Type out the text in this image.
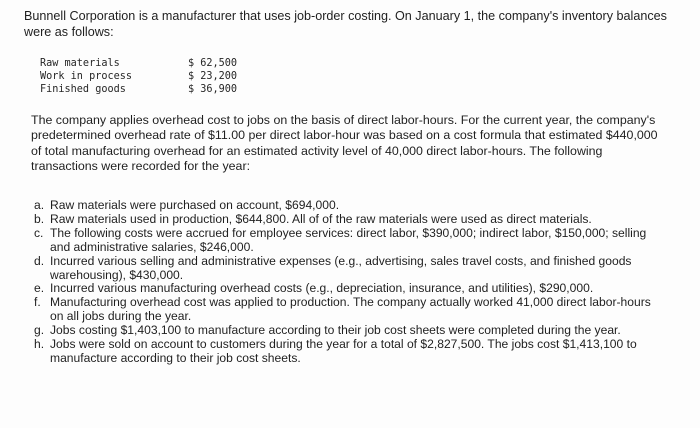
Bunnell Corporation is a manufacturer that uses job-order costing. On January 1, the company's inventory balances were as follows:

Raw materials	$ 62,500
Work in process	$ 23,200
Finished goods	$ 36,900

The company applies overhead cost to jobs on the basis of direct labor-hours. For the current year, the company's predetermined overhead rate of $11.00 per direct labor-hour was based on a cost formula that estimated $440,000 of total manufacturing overhead for an estimated activity level of 40,000 direct labor-hours. The following transactions were recorded for the year:

a. Raw materials were purchased on account, $694,000.
b. Raw materials used in production, $644,800. All of of the raw materials were used as direct materials.
c. The following costs were accrued for employee services: direct labor, $390,000; indirect labor, $150,000; selling and administrative salaries, $246,000.
d. Incurred various selling and administrative expenses (e.g., advertising, sales travel costs, and finished goods warehousing), $430,000.
e. Incurred various manufacturing overhead costs (e.g., depreciation, insurance, and utilities), $290,000.
f. Manufacturing overhead cost was applied to production. The company actually worked 41,000 direct labor-hours on all jobs during the year.
g. Jobs costing $1,403,100 to manufacture according to their job cost sheets were completed during the year.
h. Jobs were sold on account to customers during the year for a total of $2,827,500. The jobs cost $1,413,100 to manufacture according to their job cost sheets.
